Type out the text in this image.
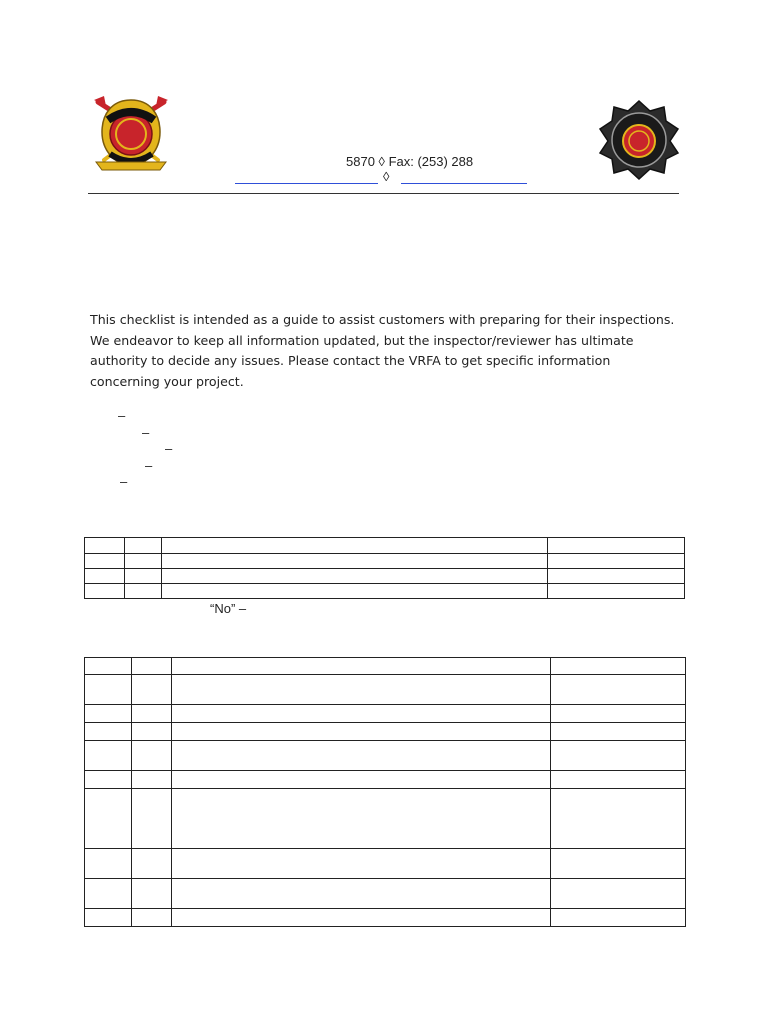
5870 ◊ Fax: (253) 288
◊
This checklist is intended as a guide to assist customers with preparing for their inspections. We endeavor to keep all information updated, but the inspector/reviewer has ultimate authority to decide any issues. Please contact the VRFA to get specific information concerning your project.
–
–
–
–
–

“No” –
